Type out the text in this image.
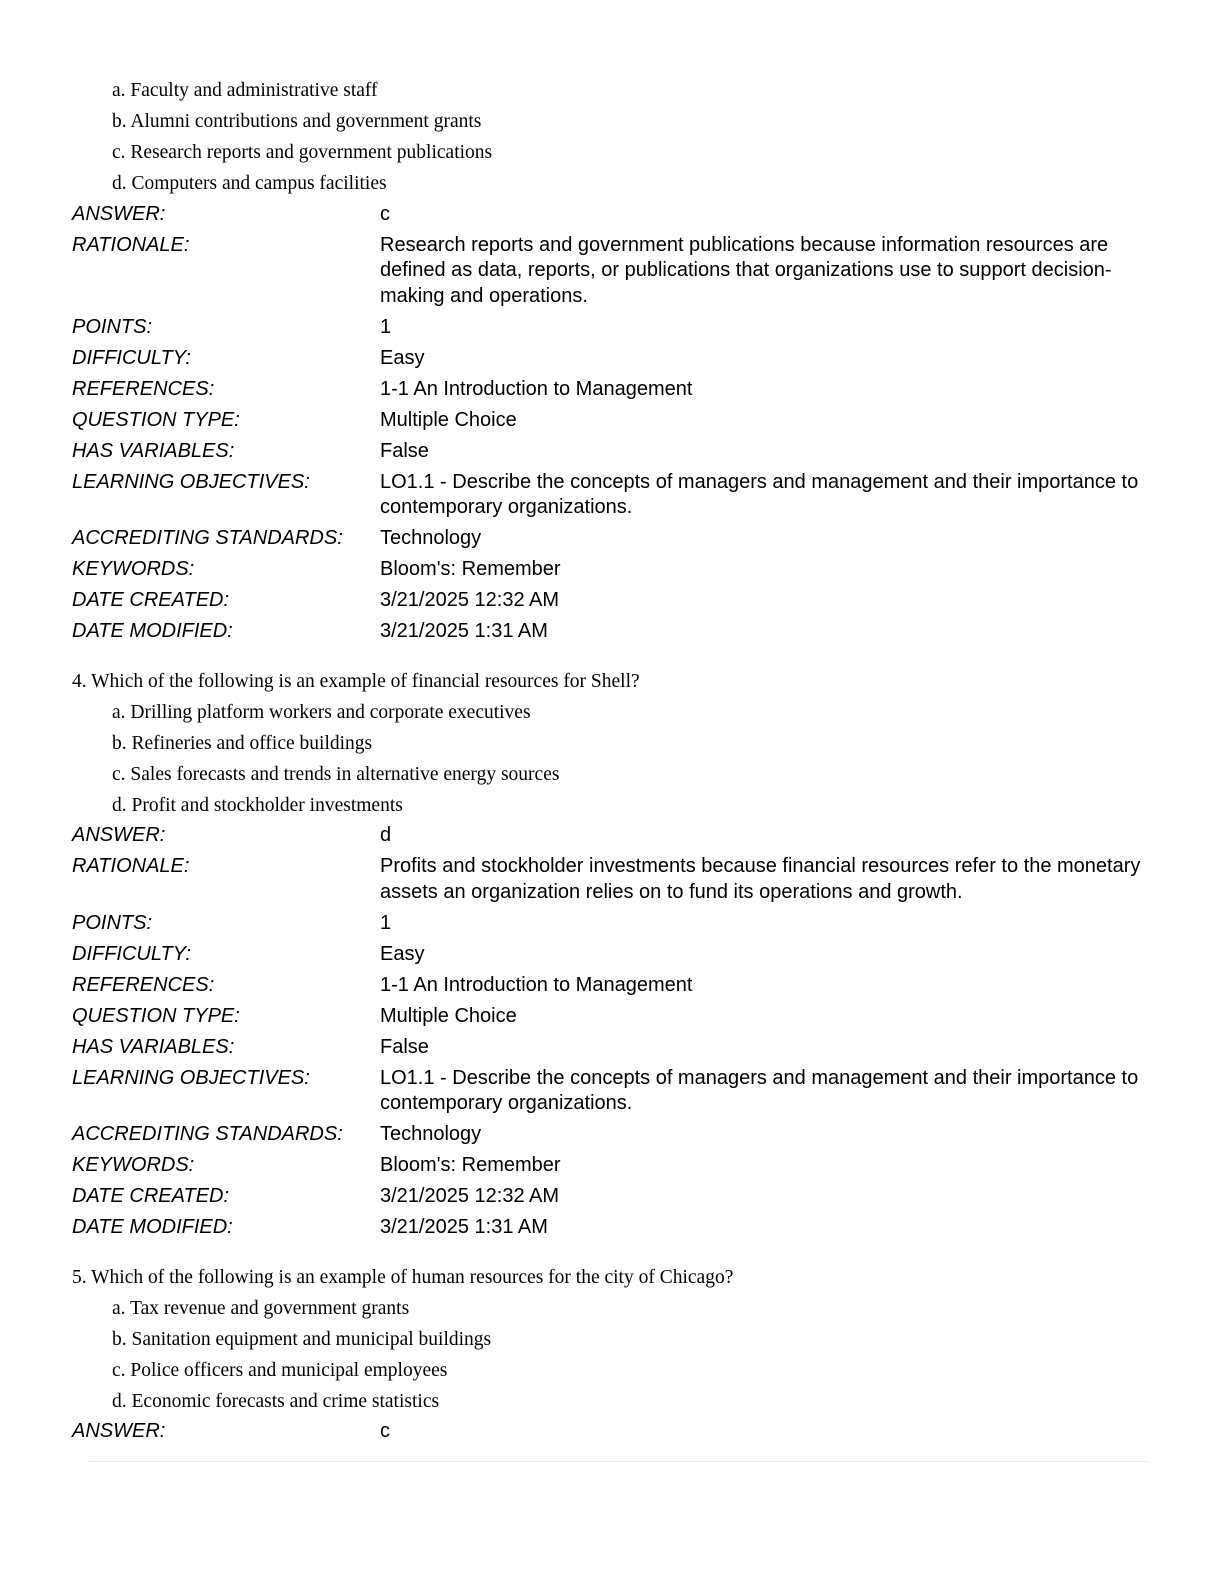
a. Faculty and administrative staff
b. Alumni contributions and government grants
c. Research reports and government publications
d. Computers and campus facilities
ANSWER:	c
RATIONALE:	Research reports and government publications because information resources are defined as data, reports, or publications that organizations use to support decision-making and operations.
POINTS:	1
DIFFICULTY:	Easy
REFERENCES:	1-1 An Introduction to Management
QUESTION TYPE:	Multiple Choice
HAS VARIABLES:	False
LEARNING OBJECTIVES:	LO1.1 - Describe the concepts of managers and management and their importance to contemporary organizations.
ACCREDITING STANDARDS:	Technology
KEYWORDS:	Bloom's: Remember
DATE CREATED:	3/21/2025 12:32 AM
DATE MODIFIED:	3/21/2025 1:31 AM
4. Which of the following is an example of financial resources for Shell?
a. Drilling platform workers and corporate executives
b. Refineries and office buildings
c. Sales forecasts and trends in alternative energy sources
d. Profit and stockholder investments
ANSWER:	d
RATIONALE:	Profits and stockholder investments because financial resources refer to the monetary assets an organization relies on to fund its operations and growth.
POINTS:	1
DIFFICULTY:	Easy
REFERENCES:	1-1 An Introduction to Management
QUESTION TYPE:	Multiple Choice
HAS VARIABLES:	False
LEARNING OBJECTIVES:	LO1.1 - Describe the concepts of managers and management and their importance to contemporary organizations.
ACCREDITING STANDARDS:	Technology
KEYWORDS:	Bloom's: Remember
DATE CREATED:	3/21/2025 12:32 AM
DATE MODIFIED:	3/21/2025 1:31 AM
5. Which of the following is an example of human resources for the city of Chicago?
a. Tax revenue and government grants
b. Sanitation equipment and municipal buildings
c. Police officers and municipal employees
d. Economic forecasts and crime statistics
ANSWER:	c
